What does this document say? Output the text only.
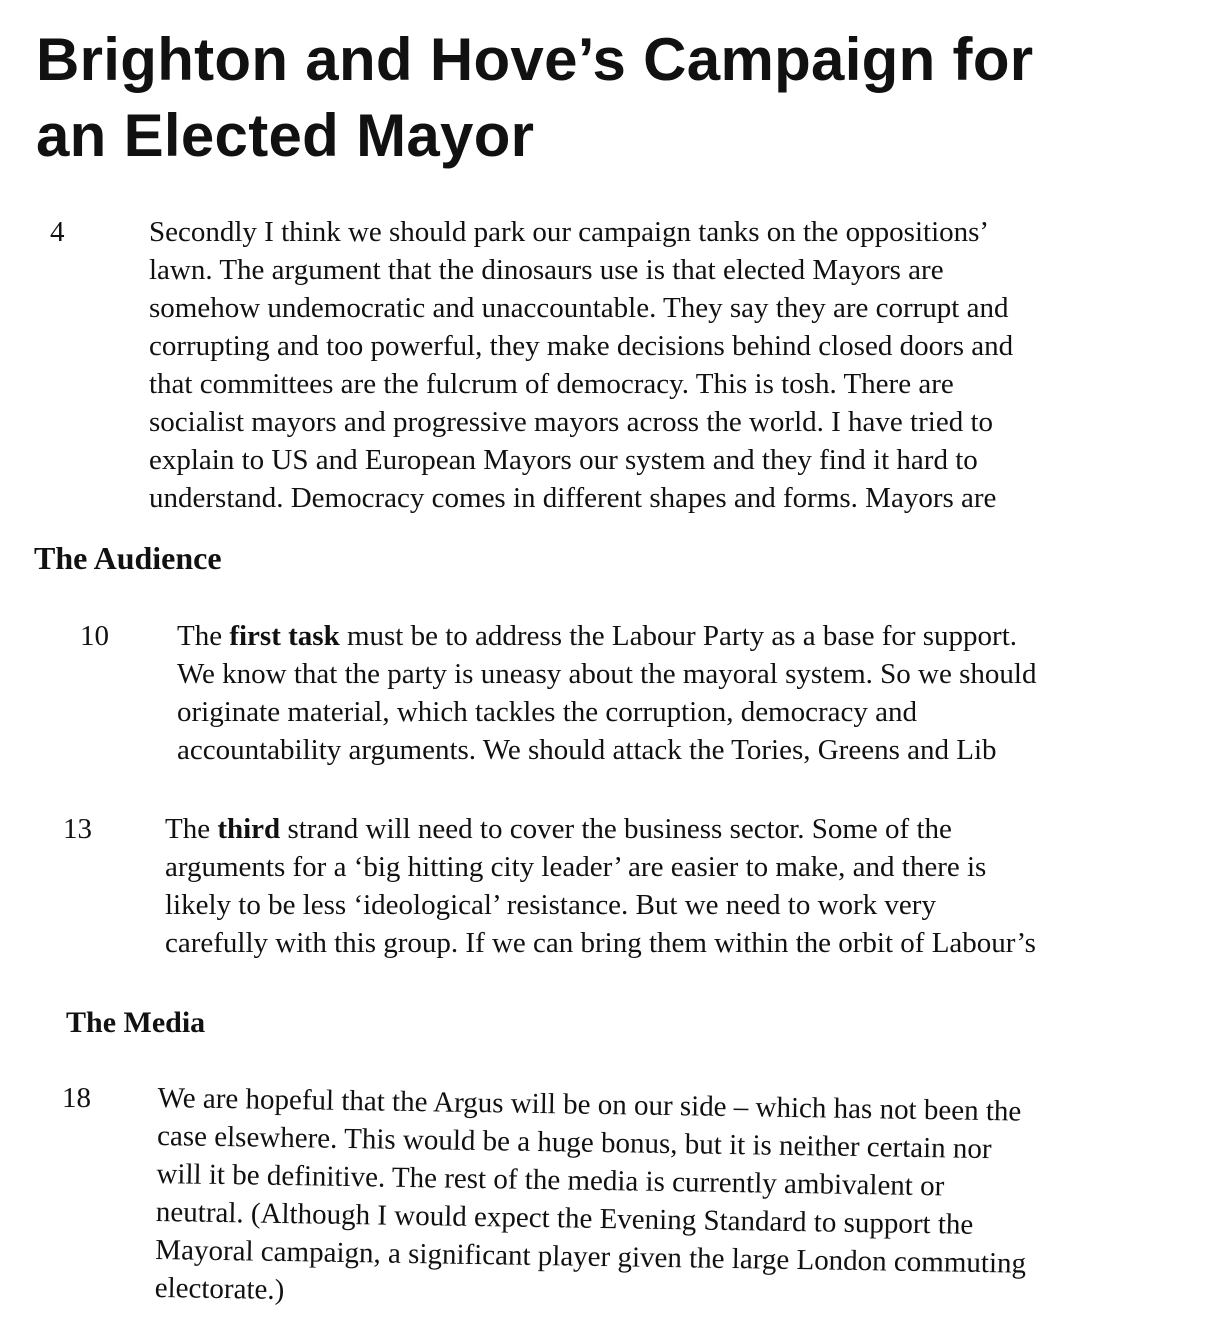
Brighton and Hove’s Campaign for
an Elected Mayor
4	Secondly I think we should park our campaign tanks on the oppositions’
lawn. The argument that the dinosaurs use is that elected Mayors are
somehow undemocratic and unaccountable. They say they are corrupt and
corrupting and too powerful, they make decisions behind closed doors and
that committees are the fulcrum of democracy. This is tosh. There are
socialist mayors and progressive mayors across the world. I have tried to
explain to US and European Mayors our system and they find it hard to
understand. Democracy comes in different shapes and forms. Mayors are
The Audience
10 The first task must be to address the Labour Party as a base for support.
We know that the party is uneasy about the mayoral system. So we should
originate material, which tackles the corruption, democracy and
accountability arguments. We should attack the Tories, Greens and Lib
13	The third strand will need to cover the business sector. Some of the
arguments for a ‘big hitting city leader’ are easier to make, and there is
likely to be less ‘ideological’ resistance. But we need to work very
carefully with this group. If we can bring them within the orbit of Labour’s
The Media
18 We are hopeful that the Argus will be on our side – which has not been the
case elsewhere. This would be a huge bonus, but it is neither certain nor
will it be definitive. The rest of the media is currently ambivalent or
neutral. (Although I would expect the Evening Standard to support the
Mayoral campaign, a significant player given the large London commuting
electorate.)
